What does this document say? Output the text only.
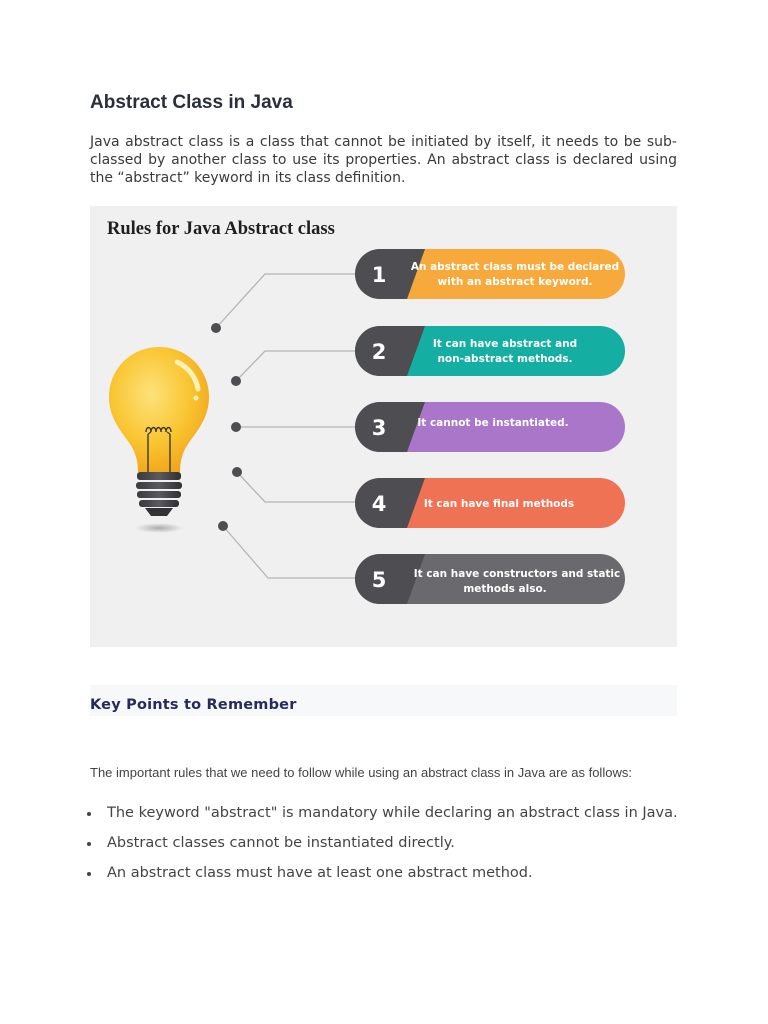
Abstract Class in Java

Java abstract class is a class that cannot be initiated by itself, it needs to be sub-classed by another class to use its properties. An abstract class is declared using the “abstract” keyword in its class definition.

Rules for Java Abstract class
1 An abstract class must be declared
with an abstract keyword.
2	It can have abstract and
non-abstract methods.
3	It cannot be instantiated.
4	It can have final methods
5	It can have constructors and static
methods also.
Key Points to Remember

The important rules that we need to follow while using an abstract class in Java are as follows:

The keyword "abstract" is mandatory while declaring an abstract class in Java.
Abstract classes cannot be instantiated directly.
An abstract class must have at least one abstract method.
